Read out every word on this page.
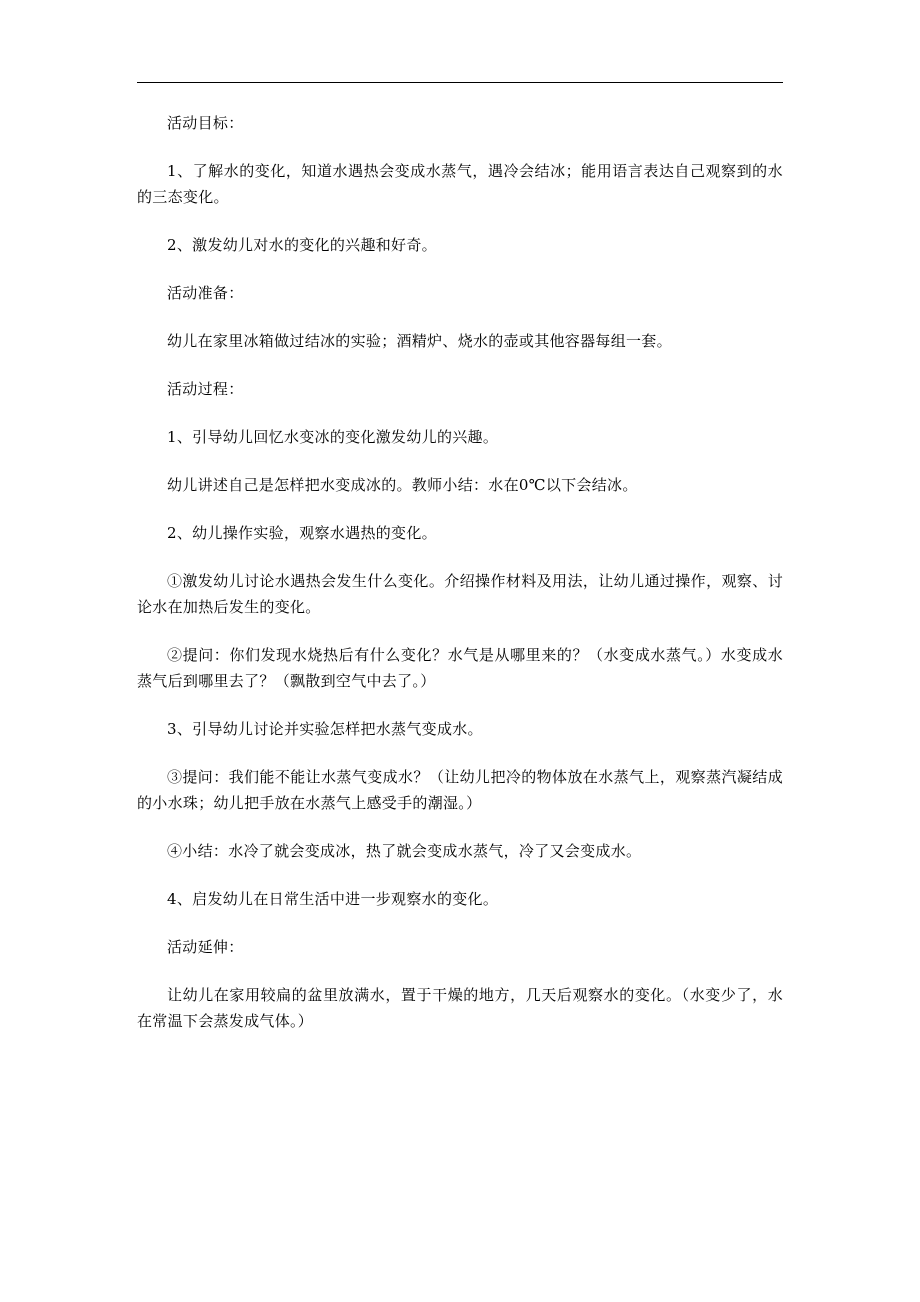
活动目标：

1、了解水的变化，知道水遇热会变成水蒸气，遇冷会结冰；能用语言表达自己观察到的水的三态变化。

2、激发幼儿对水的变化的兴趣和好奇。

活动准备：

幼儿在家里冰箱做过结冰的实验；酒精炉、烧水的壶或其他容器每组一套。

活动过程：

1、引导幼儿回忆水变冰的变化激发幼儿的兴趣。

幼儿讲述自己是怎样把水变成冰的。教师小结：水在0℃以下会结冰。

2、幼儿操作实验，观察水遇热的变化。

①激发幼儿讨论水遇热会发生什么变化。介绍操作材料及用法，让幼儿通过操作，观察、讨论水在加热后发生的变化。

②提问：你们发现水烧热后有什么变化？水气是从哪里来的？（水变成水蒸气。）水变成水蒸气后到哪里去了？（飘散到空气中去了。）

3、引导幼儿讨论并实验怎样把水蒸气变成水。

③提问：我们能不能让水蒸气变成水？（让幼儿把冷的物体放在水蒸气上，观察蒸汽凝结成的小水珠；幼儿把手放在水蒸气上感受手的潮湿。）

④小结：水冷了就会变成冰，热了就会变成水蒸气，冷了又会变成水。

4、启发幼儿在日常生活中进一步观察水的变化。

活动延伸：

让幼儿在家用较扁的盆里放满水，置于干燥的地方，几天后观察水的变化。（水变少了，水在常温下会蒸发成气体。）
